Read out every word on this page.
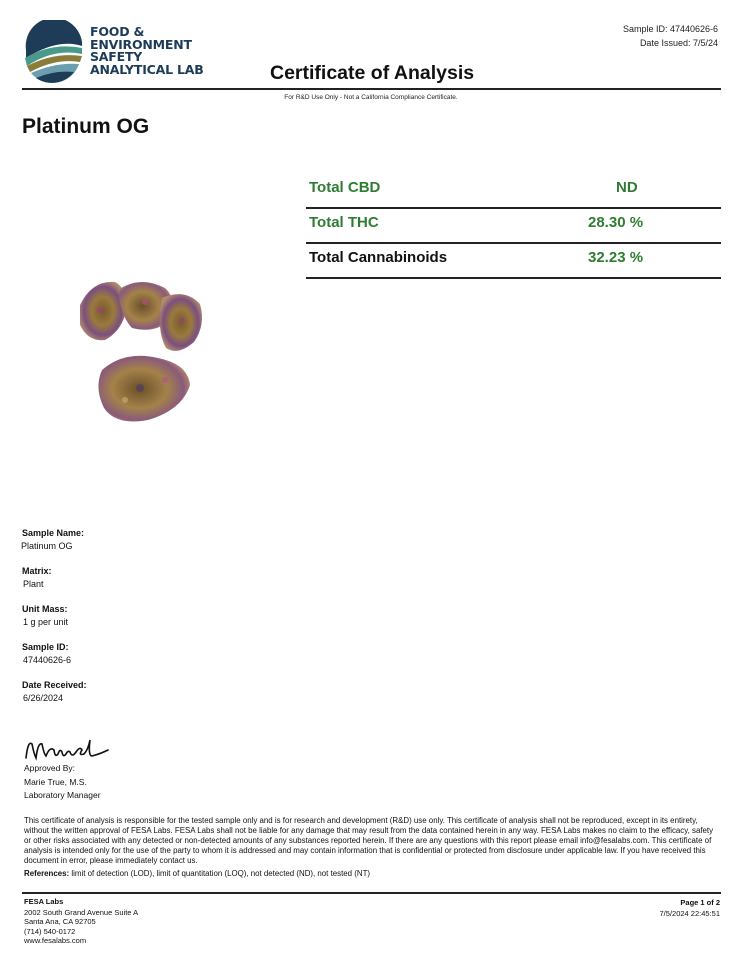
FOOD &
ENVIRONMENT
SAFETY
ANALYTICAL LAB
Sample ID: 47440626-6
Date Issued: 7/5/24
Certificate of Analysis
For R&D Use Only - Not a California Compliance Certificate.
Platinum OG
Total CBD	ND
Total THC	28.30 %
Total Cannabinoids	32.23 %
Sample Name:
Platinum OG
Matrix:
Plant
Unit Mass:
1 g per unit
Sample ID:
47440626-6
Date Received:
6/26/2024
Approved By:
Marie True, M.S.
Laboratory Manager
This certificate of analysis is responsible for the tested sample only and is for research and development (R&D) use only. This certificate of analysis shall not be reproduced, except in its entirety, without the written approval of FESA Labs. FESA Labs shall not be liable for any damage that may result from the data contained herein in any way. FESA Labs makes no claim to the efficacy, safety or other risks associated with any detected or non-detected amounts of any substances reported herein. If there are any questions with this report please email info@fesalabs.com. This certificate of analysis is intended only for the use of the party to whom it is addressed and may contain information that is confidential or protected from disclosure under applicable law. If you have received this document in error, please immediately contact us.
References: limit of detection (LOD), limit of quantitation (LOQ), not detected (ND), not tested (NT)
FESA Labs
2002 South Grand Avenue Suite A
Santa Ana, CA 92705
(714) 540-0172
www.fesalabs.com
Page 1 of 2
7/5/2024 22:45:51
